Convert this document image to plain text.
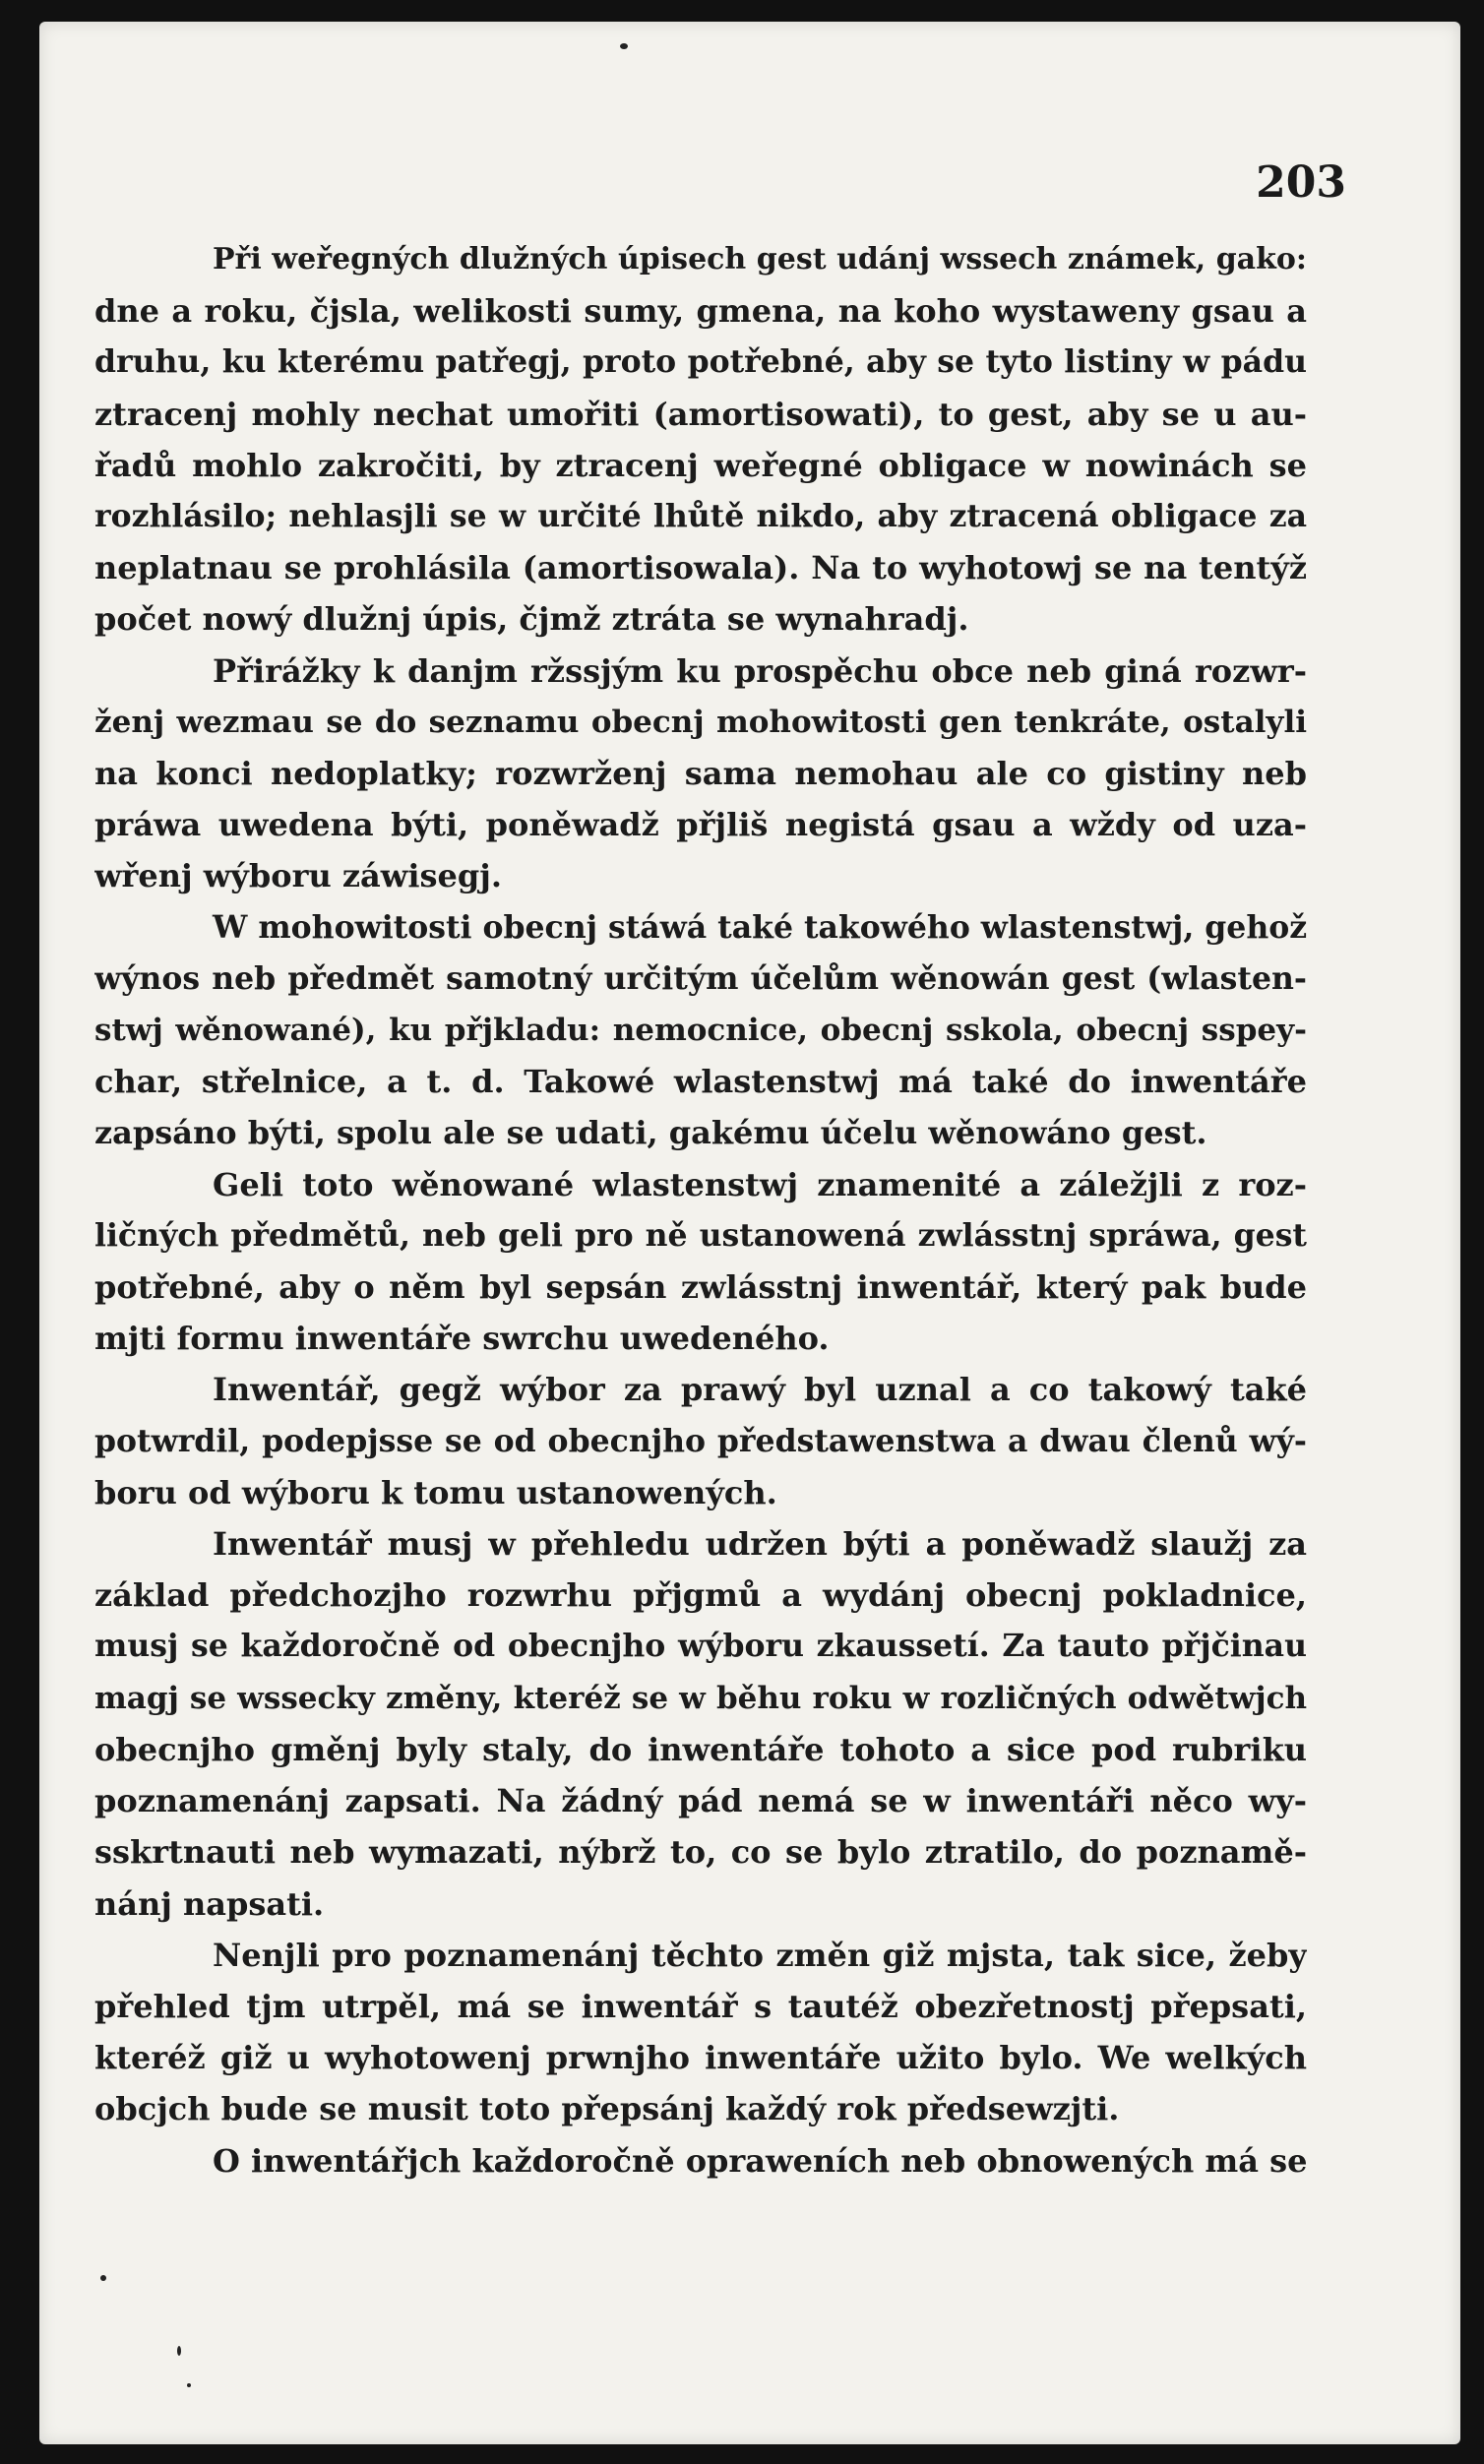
203
Při weřegných dlužných úpisech gest udánj wssech známek, gako:
dne a roku, čjsla, welikosti sumy, gmena, na koho wystaweny gsau a
druhu, ku kterému patřegj, proto potřebné, aby se tyto listiny w pádu
ztracenj mohly nechat umořiti (amortisowati), to gest, aby se u au-
řadů mohlo zakročiti, by ztracenj weřegné obligace w nowinách se
rozhlásilo; nehlasjli se w určité lhůtě nikdo, aby ztracená obligace za
neplatnau se prohlásila (amortisowala). Na to wyhotowj se na tentýž
počet nowý dlužnj úpis, čjmž ztráta se wynahradj.
Přirážky k danjm ržssjým ku prospěchu obce neb giná rozwr-
ženj wezmau se do seznamu obecnj mohowitosti gen tenkráte, ostalyli
na konci nedoplatky; rozwrženj sama nemohau ale co gistiny neb
práwa uwedena býti, poněwadž přjliš negistá gsau a wždy od uza-
wřenj wýboru záwisegj.
W mohowitosti obecnj stáwá také takowého wlastenstwj, gehož
wýnos neb předmět samotný určitým účelům wěnowán gest (wlasten-
stwj wěnowané), ku přjkladu: nemocnice, obecnj sskola, obecnj sspey-
char, střelnice, a t. d. Takowé wlastenstwj má také do inwentáře
zapsáno býti, spolu ale se udati, gakému účelu wěnowáno gest.
Geli toto wěnowané wlastenstwj znamenité a záležjli z roz-
ličných předmětů, neb geli pro ně ustanowená zwlásstnj spráwa, gest
potřebné, aby o něm byl sepsán zwlásstnj inwentář, který pak bude
mjti formu inwentáře swrchu uwedeného.
Inwentář, gegž wýbor za prawý byl uznal a co takowý také
potwrdil, podepjsse se od obecnjho předstawenstwa a dwau členů wý-
boru od wýboru k tomu ustanowených.
Inwentář musj w přehledu udržen býti a poněwadž slaužj za
základ předchozjho rozwrhu přjgmů a wydánj obecnj pokladnice,
musj se každoročně od obecnjho wýboru zkaussetí. Za tauto přjčinau
magj se wssecky změny, kteréž se w běhu roku w rozličných odwětwjch
obecnjho gměnj byly staly, do inwentáře tohoto a sice pod rubriku
poznamenánj zapsati. Na žádný pád nemá se w inwentáři něco wy-
sskrtnauti neb wymazati, nýbrž to, co se bylo ztratilo, do poznamě-
nánj napsati.
Nenjli pro poznamenánj těchto změn giž mjsta, tak sice, žeby
přehled tjm utrpěl, má se inwentář s tautéž obezřetnostj přepsati,
kteréž giž u wyhotowenj prwnjho inwentáře užito bylo. We welkých
obcjch bude se musit toto přepsánj každý rok předsewzjti.
O inwentářjch každoročně opraweních neb obnowených má se
